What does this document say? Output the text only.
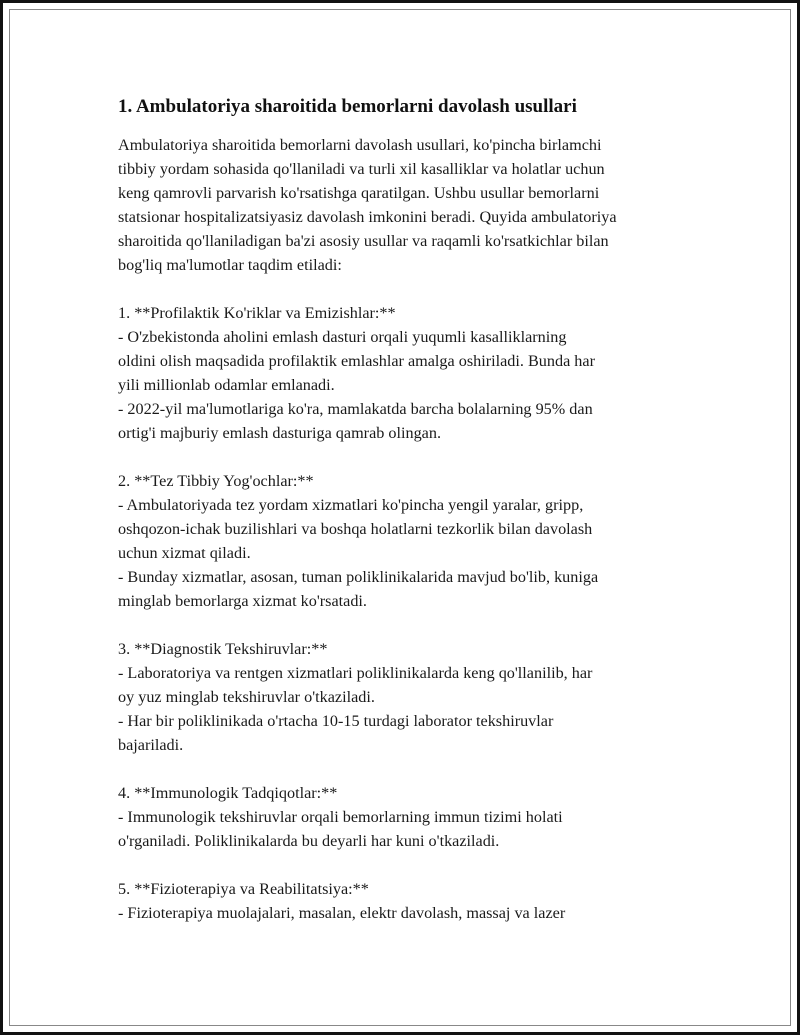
1. Ambulatoriya sharoitida bemorlarni davolash usullari

Ambulatoriya sharoitida bemorlarni davolash usullari, ko'pincha birlamchi
tibbiy yordam sohasida qo'llaniladi va turli xil kasalliklar va holatlar uchun
keng qamrovli parvarish ko'rsatishga qaratilgan. Ushbu usullar bemorlarni
statsionar hospitalizatsiyasiz davolash imkonini beradi. Quyida ambulatoriya
sharoitida qo'llaniladigan ba'zi asosiy usullar va raqamli ko'rsatkichlar bilan
bog'liq ma'lumotlar taqdim etiladi:

1. **Profilaktik Ko'riklar va Emizishlar:**

- O'zbekistonda aholini emlash dasturi orqali yuqumli kasalliklarning
oldini olish maqsadida profilaktik emlashlar amalga oshiriladi. Bunda har
yili millionlab odamlar emlanadi.
- 2022-yil ma'lumotlariga ko'ra, mamlakatda barcha bolalarning 95% dan
ortig'i majburiy emlash dasturiga qamrab olingan.

2. **Tez Tibbiy Yog'ochlar:**

- Ambulatoriyada tez yordam xizmatlari ko'pincha yengil yaralar, gripp,
oshqozon-ichak buzilishlari va boshqa holatlarni tezkorlik bilan davolash
uchun xizmat qiladi.
- Bunday xizmatlar, asosan, tuman poliklinikalarida mavjud bo'lib, kuniga
minglab bemorlarga xizmat ko'rsatadi.

3. **Diagnostik Tekshiruvlar:**

- Laboratoriya va rentgen xizmatlari poliklinikalarda keng qo'llanilib, har
oy yuz minglab tekshiruvlar o'tkaziladi.
- Har bir poliklinikada o'rtacha 10-15 turdagi laborator tekshiruvlar
bajariladi.

4. **Immunologik Tadqiqotlar:**

- Immunologik tekshiruvlar orqali bemorlarning immun tizimi holati
o'rganiladi. Poliklinikalarda bu deyarli har kuni o'tkaziladi.

5. **Fizioterapiya va Reabilitatsiya:**

- Fizioterapiya muolajalari, masalan, elektr davolash, massaj va lazer
